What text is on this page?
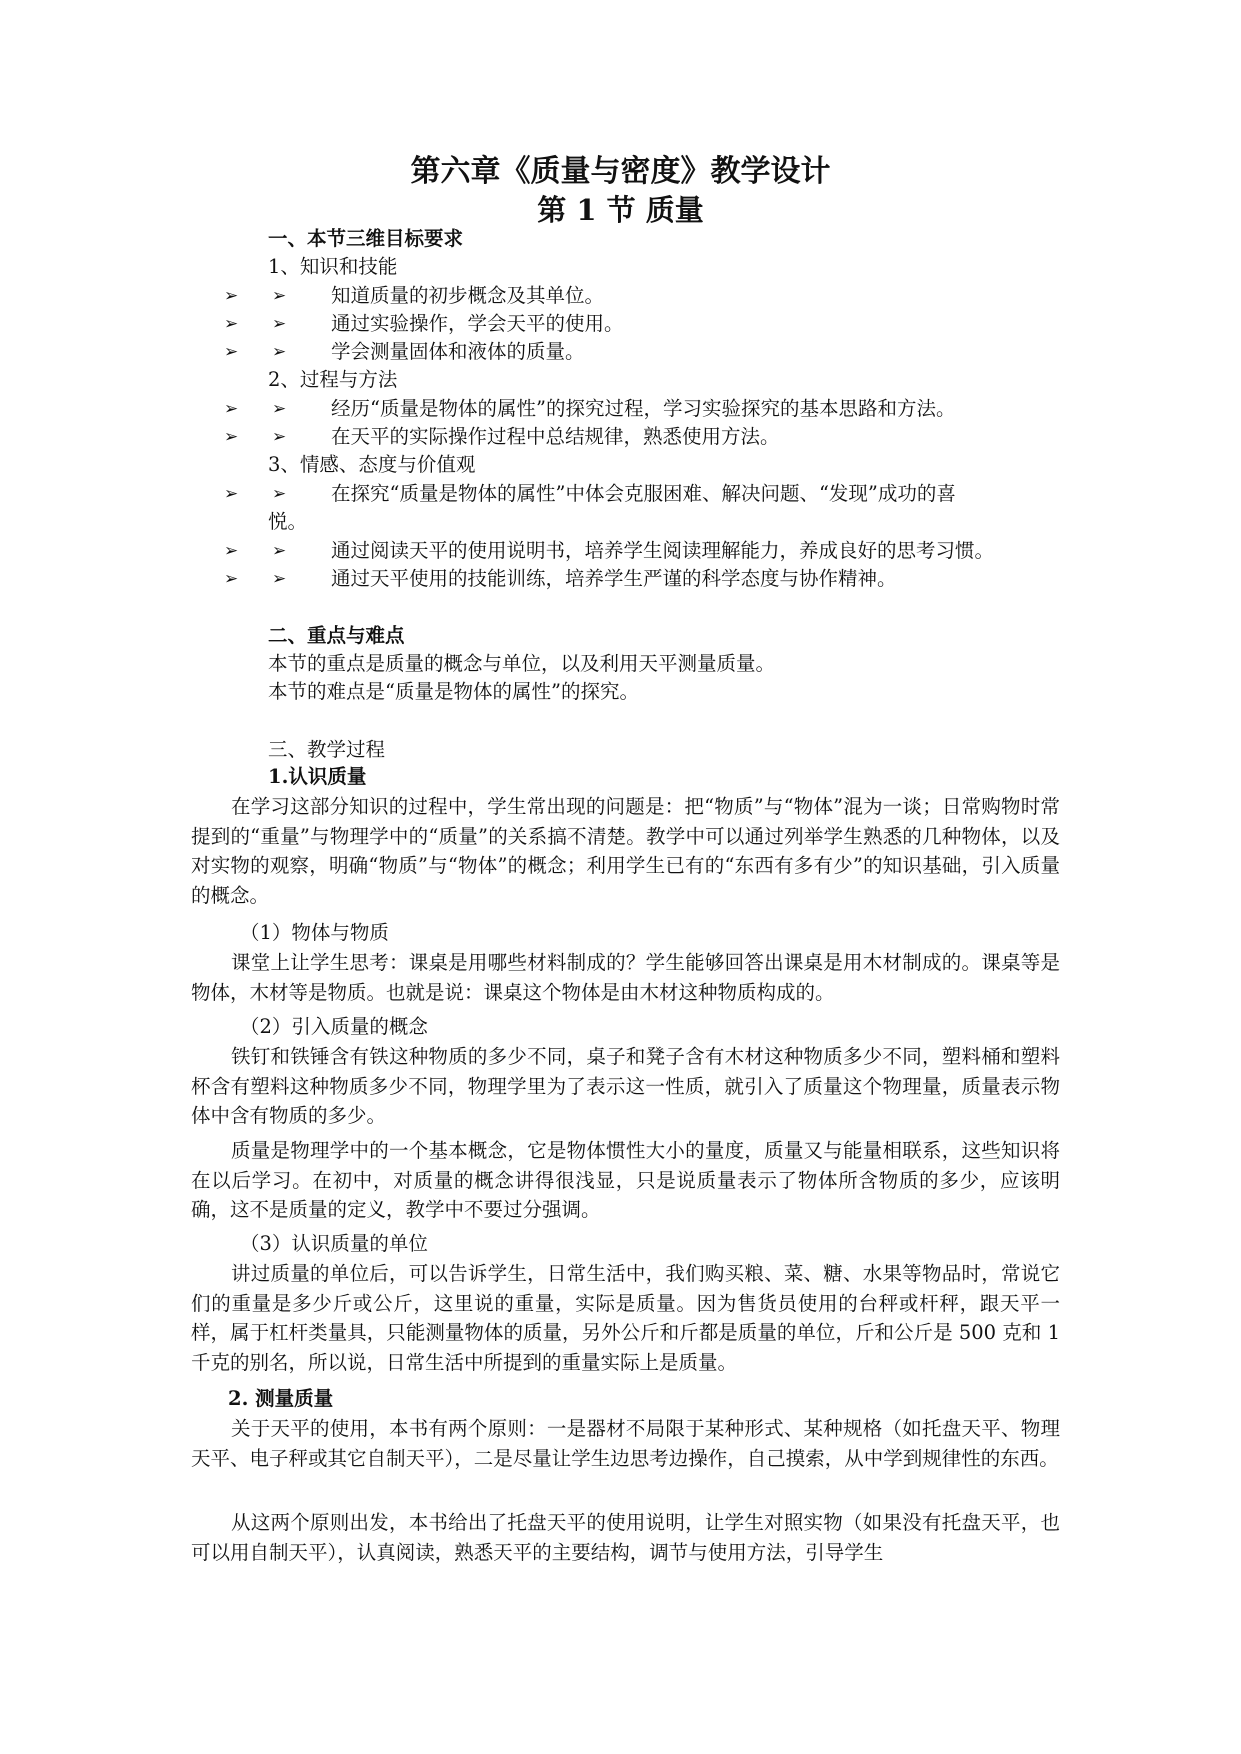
第六章《质量与密度》教学设计
第 1 节 质量
一、本节三维目标要求
1、知识和技能
➢ ➢ 知道质量的初步概念及其单位。
➢ ➢ 通过实验操作，学会天平的使用。
➢ ➢ 学会测量固体和液体的质量。
2、过程与方法
➢ ➢ 经历“质量是物体的属性”的探究过程，学习实验探究的基本思路和方法。
➢ ➢ 在天平的实际操作过程中总结规律，熟悉使用方法。
3、情感、态度与价值观
➢ ➢ 在探究“质量是物体的属性”中体会克服困难、解决问题、“发现”成功的喜
悦。
➢ ➢ 通过阅读天平的使用说明书，培养学生阅读理解能力，养成良好的思考习惯。
➢ ➢ 通过天平使用的技能训练，培养学生严谨的科学态度与协作精神。
二、重点与难点
本节的重点是质量的概念与单位，以及利用天平测量质量。
本节的难点是“质量是物体的属性”的探究。
三、教学过程
1.认识质量
在学习这部分知识的过程中，学生常出现的问题是：把“物质”与“物体”混为一谈；日常购物时常提到的“重量”与物理学中的“质量”的关系搞不清楚。教学中可以通过列举学生熟悉的几种物体，以及对实物的观察，明确“物质”与“物体”的概念；利用学生已有的“东西有多有少”的知识基础，引入质量的概念。
（1）物体与物质
课堂上让学生思考：课桌是用哪些材料制成的？学生能够回答出课桌是用木材制成的。课桌等是物体，木材等是物质。也就是说：课桌这个物体是由木材这种物质构成的。
（2）引入质量的概念
铁钉和铁锤含有铁这种物质的多少不同，桌子和凳子含有木材这种物质多少不同，塑料桶和塑料杯含有塑料这种物质多少不同，物理学里为了表示这一性质，就引入了质量这个物理量，质量表示物体中含有物质的多少。
质量是物理学中的一个基本概念，它是物体惯性大小的量度，质量又与能量相联系，这些知识将在以后学习。在初中，对质量的概念讲得很浅显，只是说质量表示了物体所含物质的多少，应该明确，这不是质量的定义，教学中不要过分强调。
（3）认识质量的单位
讲过质量的单位后，可以告诉学生，日常生活中，我们购买粮、菜、糖、水果等物品时，常说它们的重量是多少斤或公斤，这里说的重量，实际是质量。因为售货员使用的台秤或杆秤，跟天平一样，属于杠杆类量具，只能测量物体的质量，另外公斤和斤都是质量的单位，斤和公斤是 500 克和 1 千克的别名，所以说，日常生活中所提到的重量实际上是质量。
2. 测量质量
关于天平的使用，本书有两个原则：一是器材不局限于某种形式、某种规格（如托盘天平、物理天平、电子秤或其它自制天平），二是尽量让学生边思考边操作，自己摸索，从中学到规律性的东西。
从这两个原则出发，本书给出了托盘天平的使用说明，让学生对照实物（如果没有托盘天平，也可以用自制天平），认真阅读，熟悉天平的主要结构，调节与使用方法，引导学生
